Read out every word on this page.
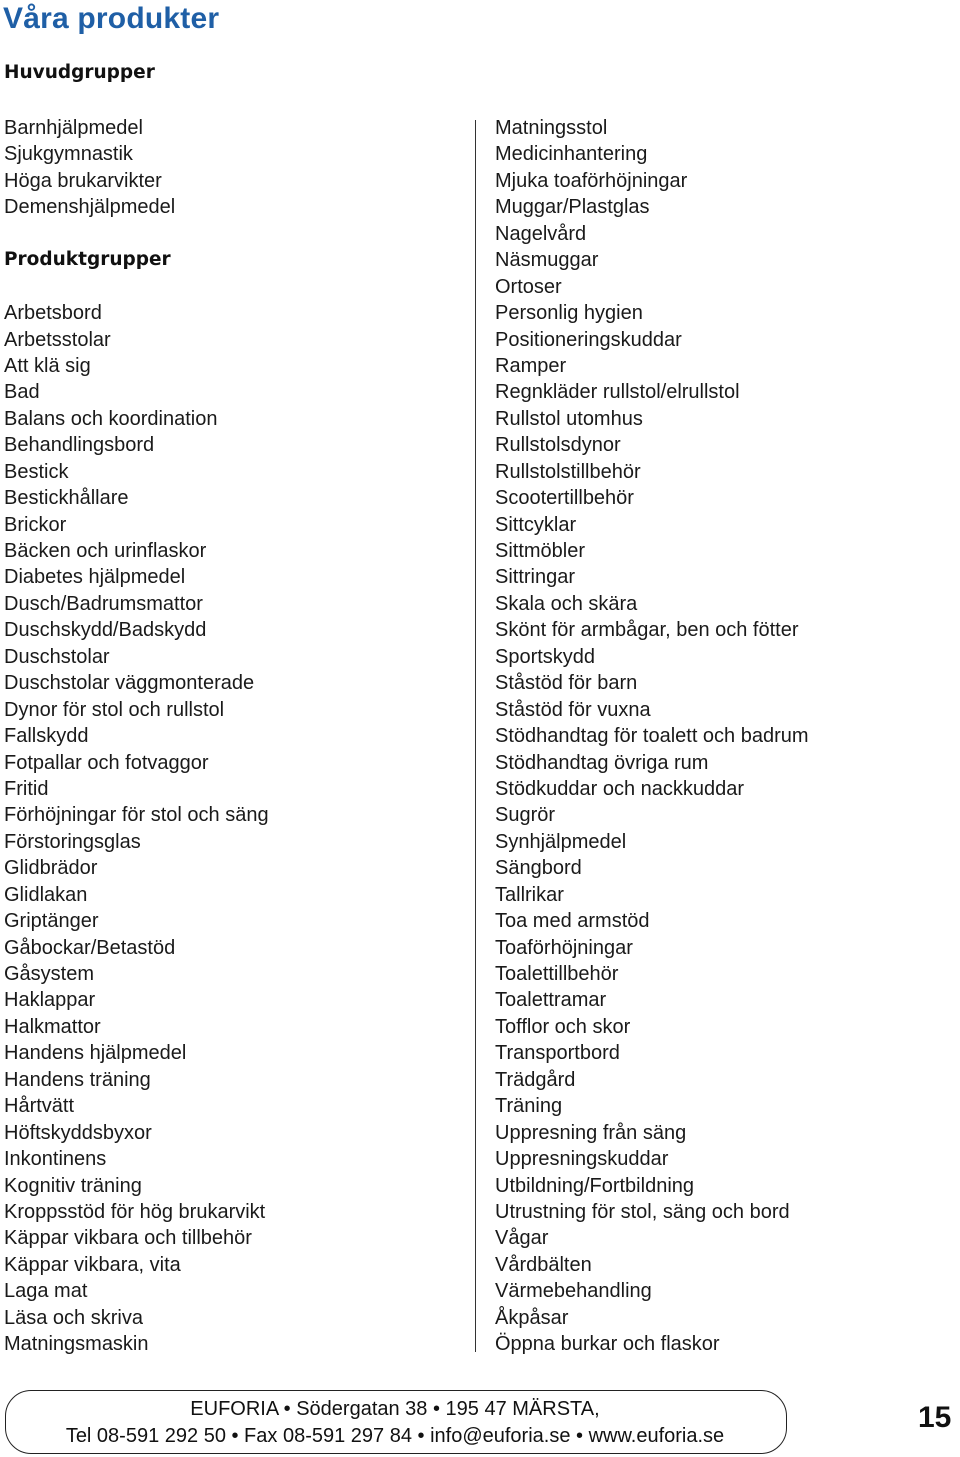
Våra produkter
Huvudgrupper
Barnhjälpmedel
Sjukgymnastik
Höga brukarvikter
Demenshjälpmedel
Produktgrupper
Arbetsbord
Arbetsstolar
Att klä sig
Bad
Balans och koordination
Behandlingsbord
Bestick
Bestickhållare
Brickor
Bäcken och urinflaskor
Diabetes hjälpmedel
Dusch/Badrumsmattor
Duschskydd/Badskydd
Duschstolar
Duschstolar väggmonterade
Dynor för stol och rullstol
Fallskydd
Fotpallar och fotvaggor
Fritid
Förhöjningar för stol och säng
Förstoringsglas
Glidbrädor
Glidlakan
Griptänger
Gåbockar/Betastöd
Gåsystem
Haklappar
Halkmattor
Handens hjälpmedel
Handens träning
Hårtvätt
Höftskyddsbyxor
Inkontinens
Kognitiv träning
Kroppsstöd för hög brukarvikt
Käppar vikbara och tillbehör
Käppar vikbara, vita
Laga mat
Läsa och skriva
Matningsmaskin
Matningsstol
Medicinhantering
Mjuka toaförhöjningar
Muggar/Plastglas
Nagelvård
Näsmuggar
Ortoser
Personlig hygien
Positioneringskuddar
Ramper
Regnkläder rullstol/elrullstol
Rullstol utomhus
Rullstolsdynor
Rullstolstillbehör
Scootertillbehör
Sittcyklar
Sittmöbler
Sittringar
Skala och skära
Skönt för armbågar, ben och fötter
Sportskydd
Ståstöd för barn
Ståstöd för vuxna
Stödhandtag för toalett och badrum
Stödhandtag övriga rum
Stödkuddar och nackkuddar
Sugrör
Synhjälpmedel
Sängbord
Tallrikar
Toa med armstöd
Toaförhöjningar
Toalettillbehör
Toalettramar
Tofflor och skor
Transportbord
Trädgård
Träning
Uppresning från säng
Uppresningskuddar
Utbildning/Fortbildning
Utrustning för stol, säng och bord
Vågar
Vårdbälten
Värmebehandling
Åkpåsar
Öppna burkar och flaskor
EUFORIA • Södergatan 38 • 195 47 MÄRSTA,
Tel 08-591 292 50 • Fax 08-591 297 84 • info@euforia.se • www.euforia.se
15
